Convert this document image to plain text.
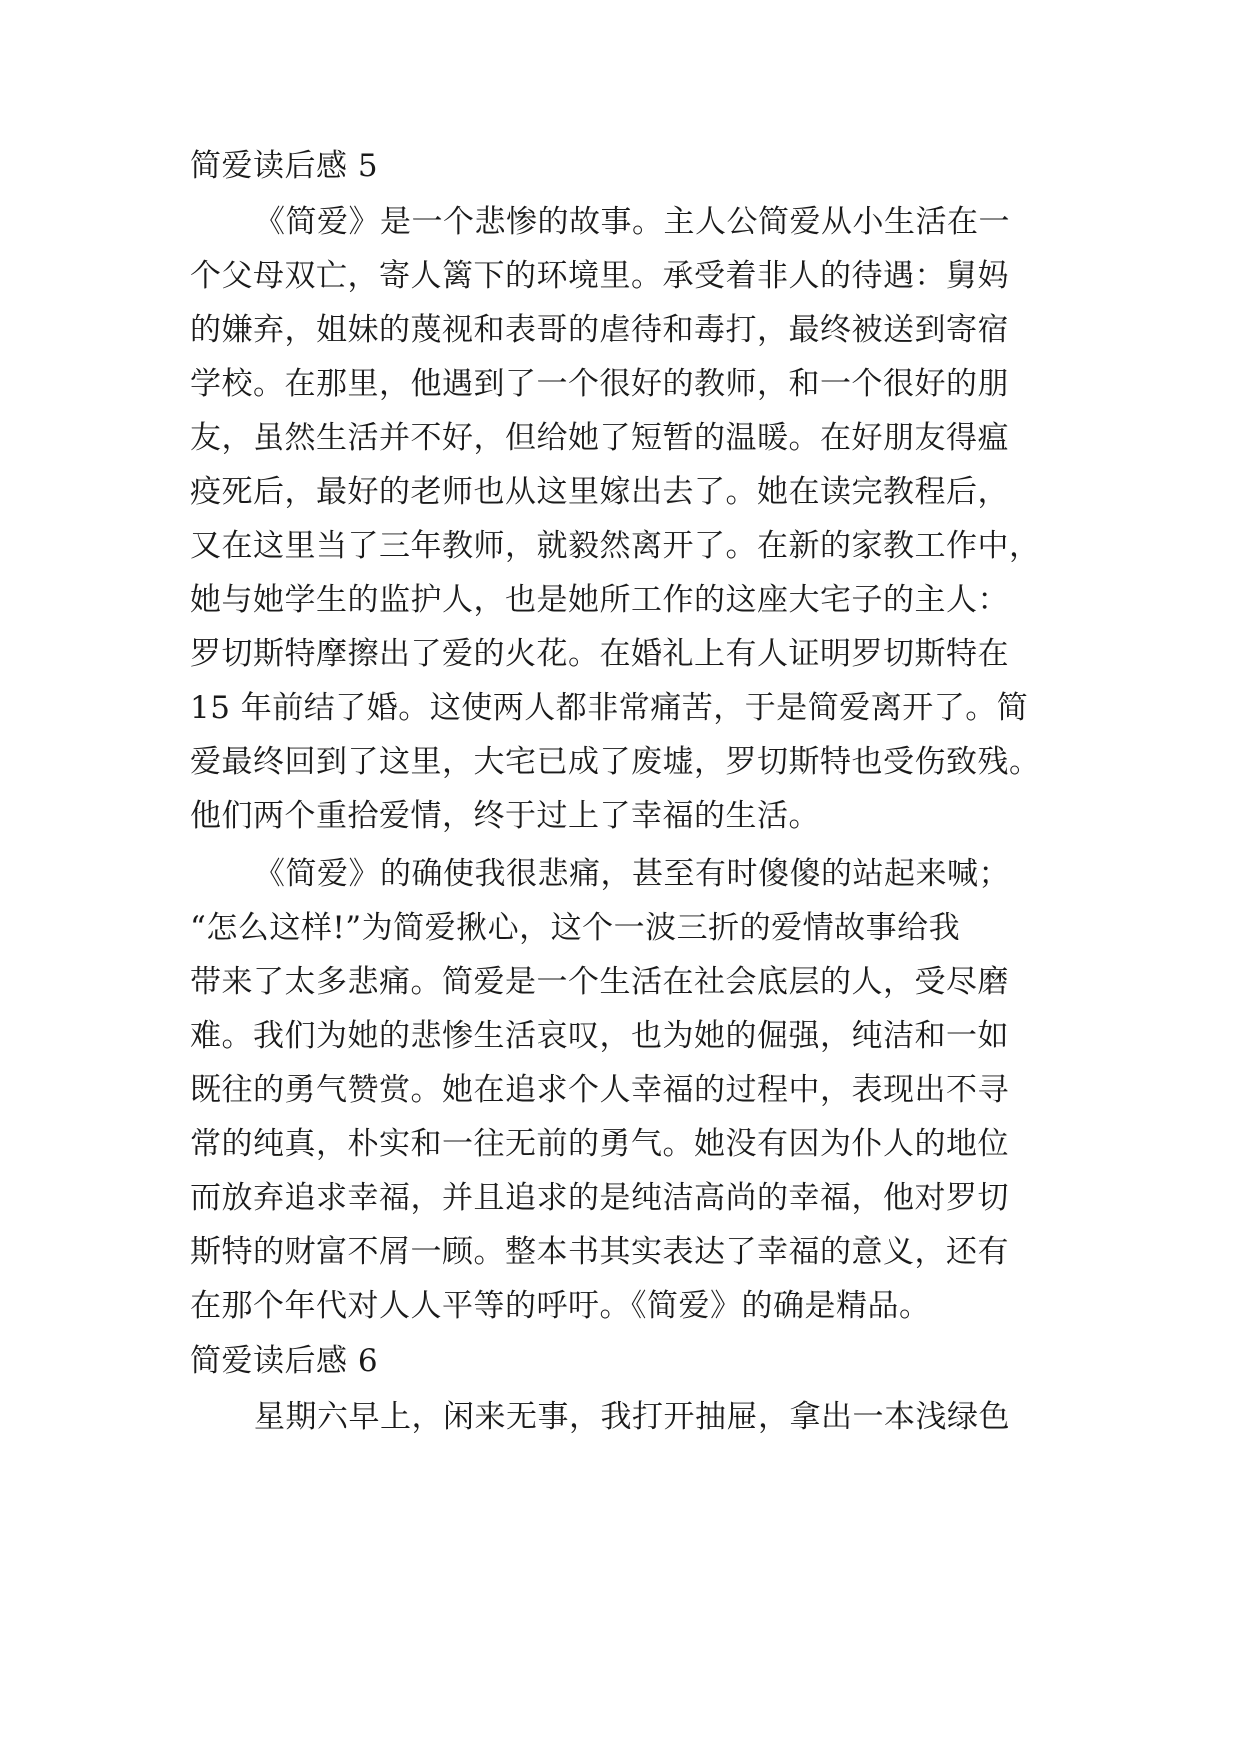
简爱读后感 5
《简爱》是一个悲惨的故事。主人公简爱从小生活在一
个父母双亡，寄人篱下的环境里。承受着非人的待遇：舅妈
的嫌弃，姐妹的蔑视和表哥的虐待和毒打，最终被送到寄宿
学校。在那里，他遇到了一个很好的教师，和一个很好的朋
友，虽然生活并不好，但给她了短暂的温暖。在好朋友得瘟
疫死后，最好的老师也从这里嫁出去了。她在读完教程后，
又在这里当了三年教师，就毅然离开了。在新的家教工作中，
她与她学生的监护人，也是她所工作的这座大宅子的主人：
罗切斯特摩擦出了爱的火花。在婚礼上有人证明罗切斯特在
15 年前结了婚。这使两人都非常痛苦，于是简爱离开了。简
爱最终回到了这里，大宅已成了废墟，罗切斯特也受伤致残。
他们两个重拾爱情，终于过上了幸福的生活。
《简爱》的确使我很悲痛，甚至有时傻傻的站起来喊；
“怎么这样!”为简爱揪心，这个一波三折的爱情故事给我
带来了太多悲痛。简爱是一个生活在社会底层的人，受尽磨
难。我们为她的悲惨生活哀叹，也为她的倔强，纯洁和一如
既往的勇气赞赏。她在追求个人幸福的过程中，表现出不寻
常的纯真，朴实和一往无前的勇气。她没有因为仆人的地位
而放弃追求幸福，并且追求的是纯洁高尚的幸福，他对罗切
斯特的财富不屑一顾。整本书其实表达了幸福的意义，还有
在那个年代对人人平等的呼吁。《简爱》的确是精品。
简爱读后感 6
星期六早上，闲来无事，我打开抽屉，拿出一本浅绿色
